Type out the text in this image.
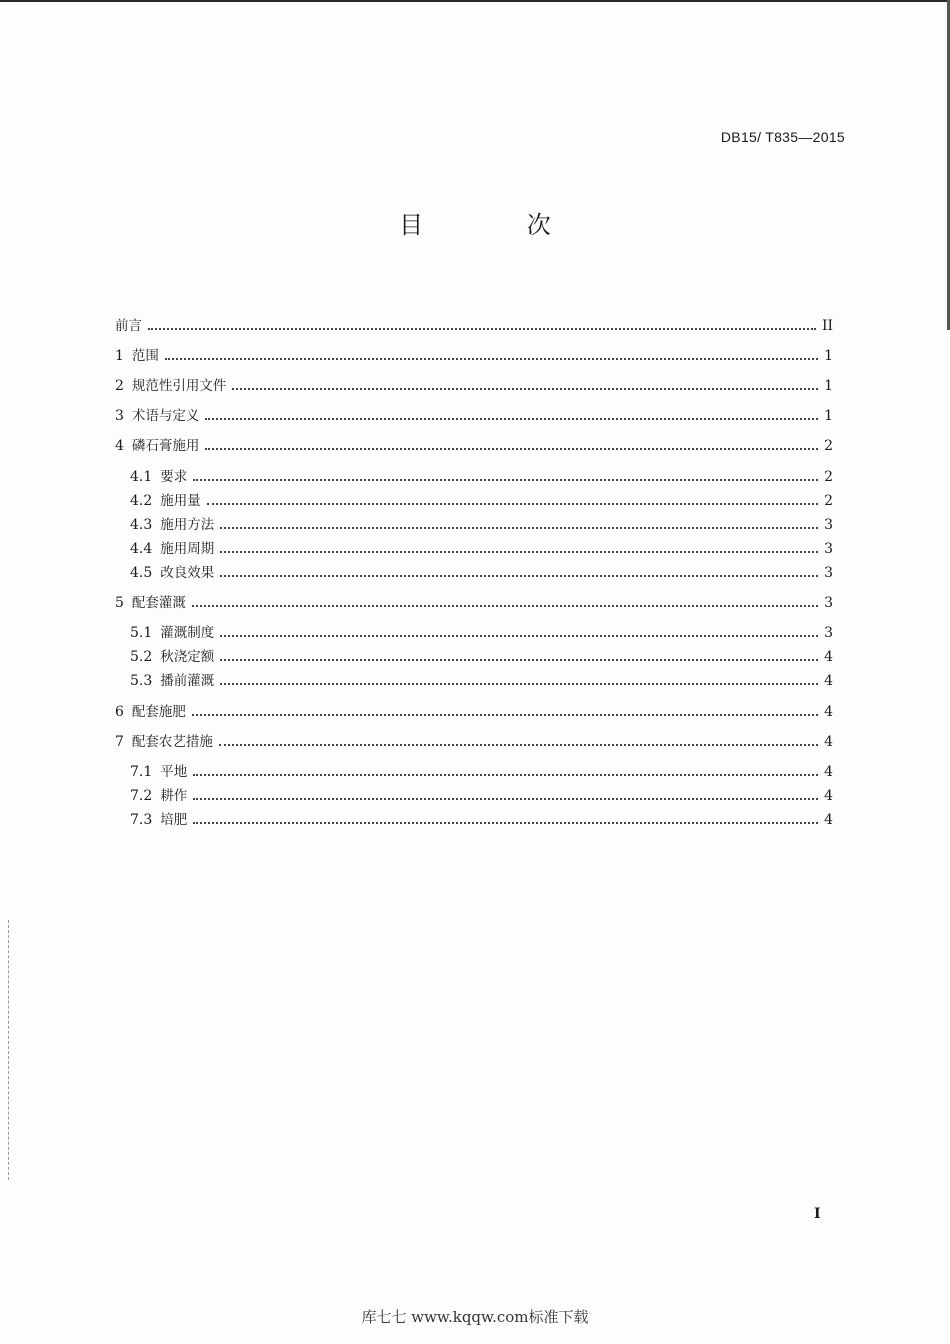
DB15/ T835—2015
目 次
前言	II
1 范围	1
2 规范性引用文件	1
3 术语与定义	1
4 磷石膏施用	2
4.1 要求	2
4.2 施用量	2
4.3 施用方法	3
4.4 施用周期	3
4.5 改良效果	3
5 配套灌溉	3
5.1 灌溉制度	3
5.2 秋浇定额	4
5.3 播前灌溉	4
6 配套施肥	4
7 配套农艺措施	4
7.1 平地	4
7.2 耕作	4
7.3 培肥	4
I
库七七 www.kqqw.com标准下载
